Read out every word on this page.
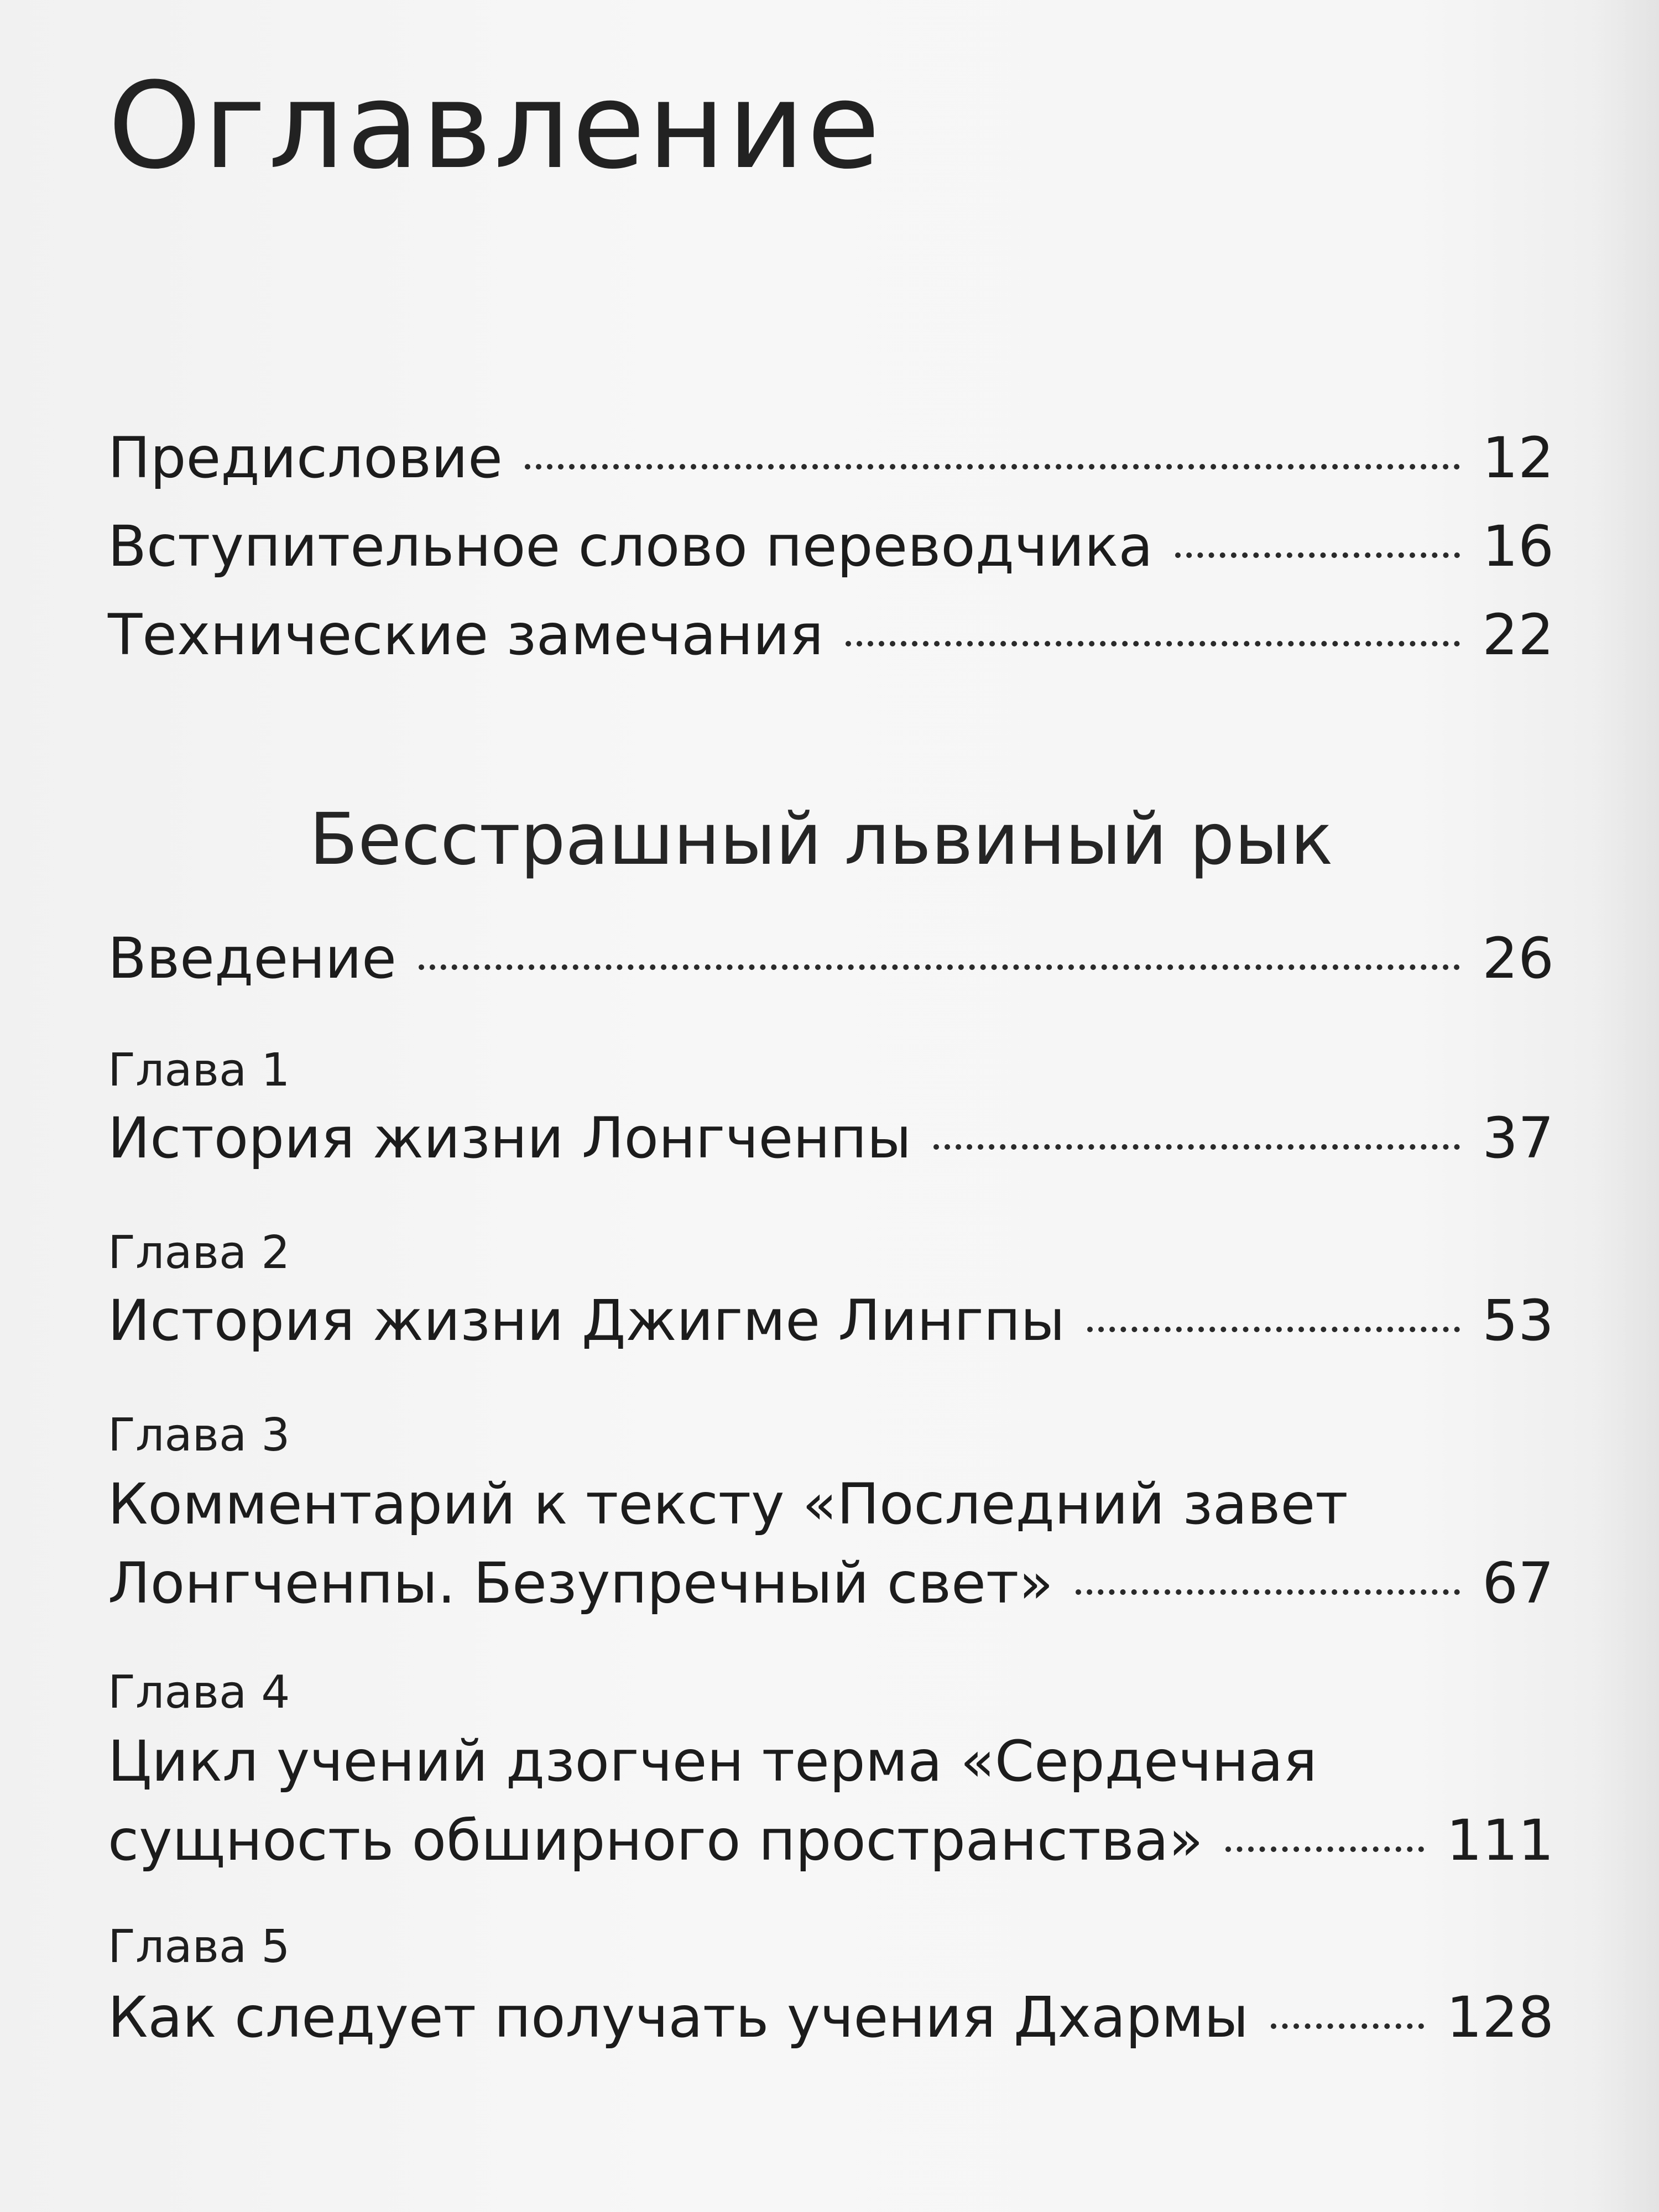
Оглавление
Предисловие	12
Вступительное слово переводчика	16
Технические замечания	22
Бесстрашный львиный рык
Введение	26
Глава 1
История жизни Лонгченпы	37
Глава 2
История жизни Джигме Лингпы	53
Глава 3
Комментарий к тексту «Последний завет
Лонгченпы. Безупречный свет»	67
Глава 4
Цикл учений дзогчен терма «Сердечная
сущность обширного пространства»	111
Глава 5
Как следует получать учения Дхармы	128
